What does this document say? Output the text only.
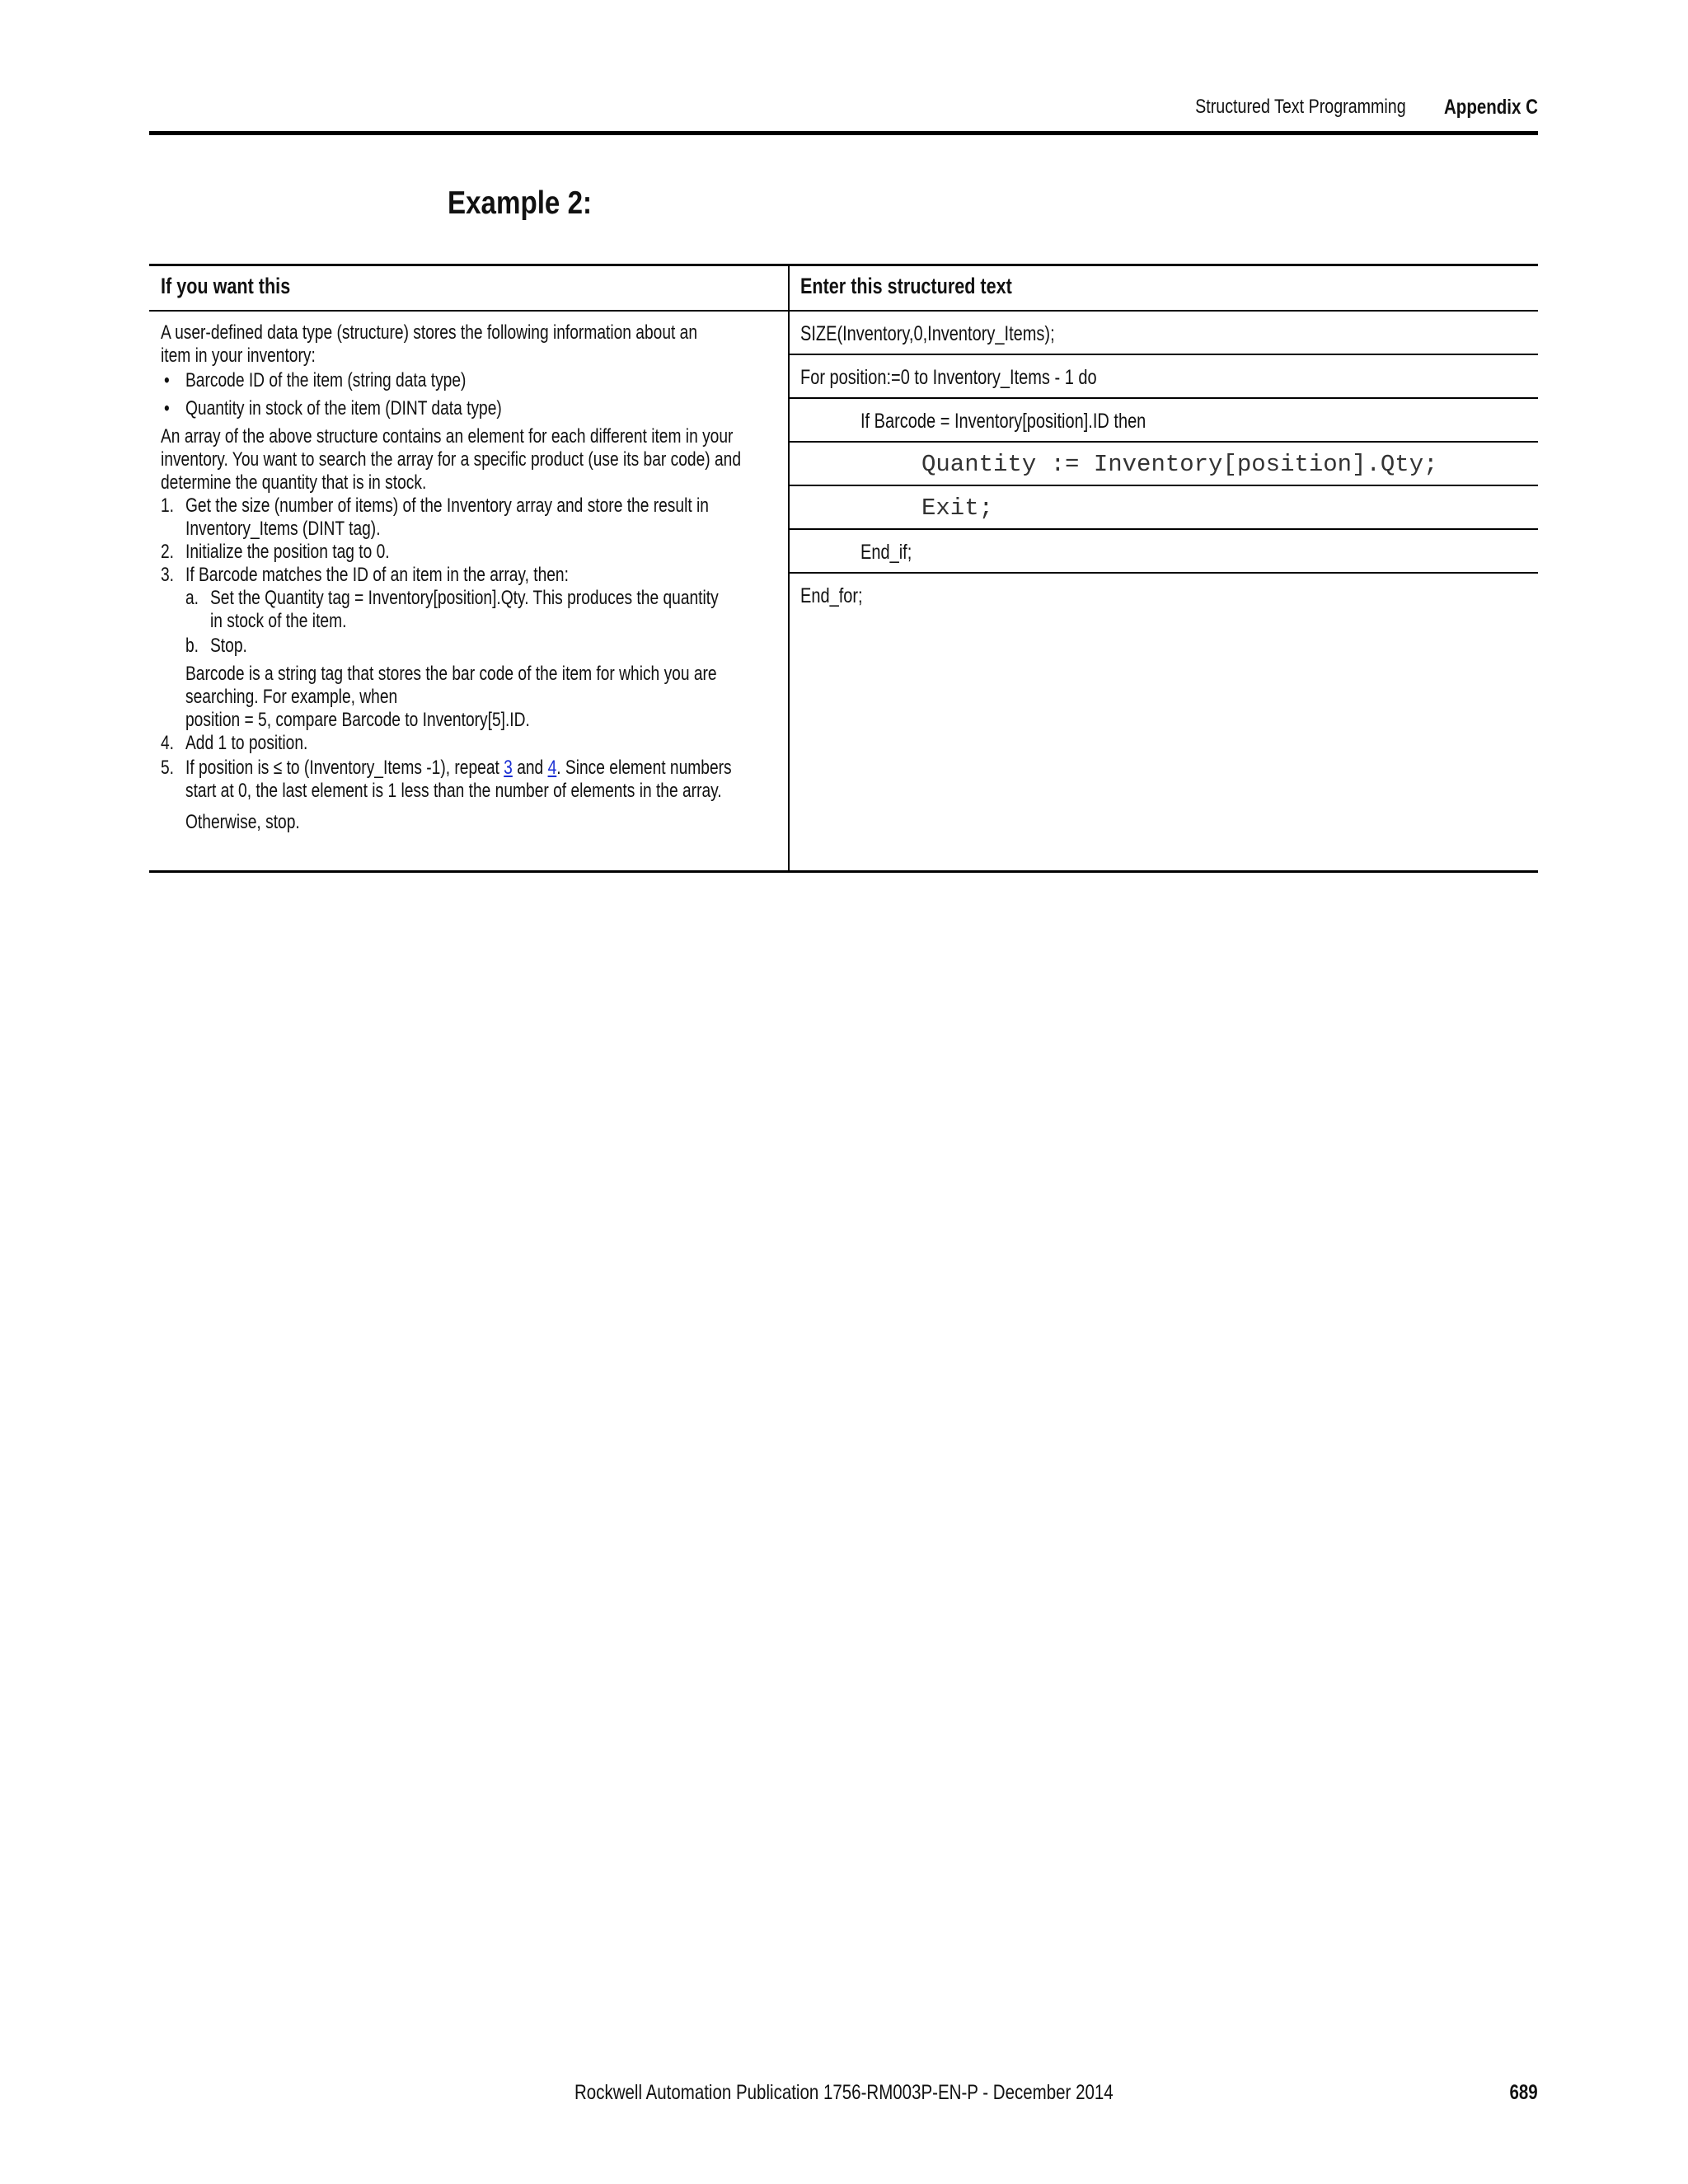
Structured Text Programming Appendix C
Example 2:
If you want this	Enter this structured text
A user-defined data type (structure) stores the following information about an
item in your inventory:
• Barcode ID of the item (string data type)
• Quantity in stock of the item (DINT data type)
An array of the above structure contains an element for each different item in your
inventory. You want to search the array for a specific product (use its bar code) and
determine the quantity that is in stock.
1. Get the size (number of items) of the Inventory array and store the result in
Inventory_Items (DINT tag).
2. Initialize the position tag to 0.
3. If Barcode matches the ID of an item in the array, then:
a. Set the Quantity tag = Inventory[position].Qty. This produces the quantity
in stock of the item.
b. Stop.
Barcode is a string tag that stores the bar code of the item for which you are
searching. For example, when
position = 5, compare Barcode to Inventory[5].ID.
4. Add 1 to position.
5. If position is ≤ to (Inventory_Items -1), repeat 3 and 4. Since element numbers
start at 0, the last element is 1 less than the number of elements in the array.
Otherwise, stop.
SIZE(Inventory,0,Inventory_Items);
For position:=0 to Inventory_Items - 1 do
If Barcode = Inventory[position].ID then
Quantity := Inventory[position].Qty;
Exit;
End_if;
End_for;
Rockwell Automation Publication 1756-RM003P-EN-P - December 2014	689
